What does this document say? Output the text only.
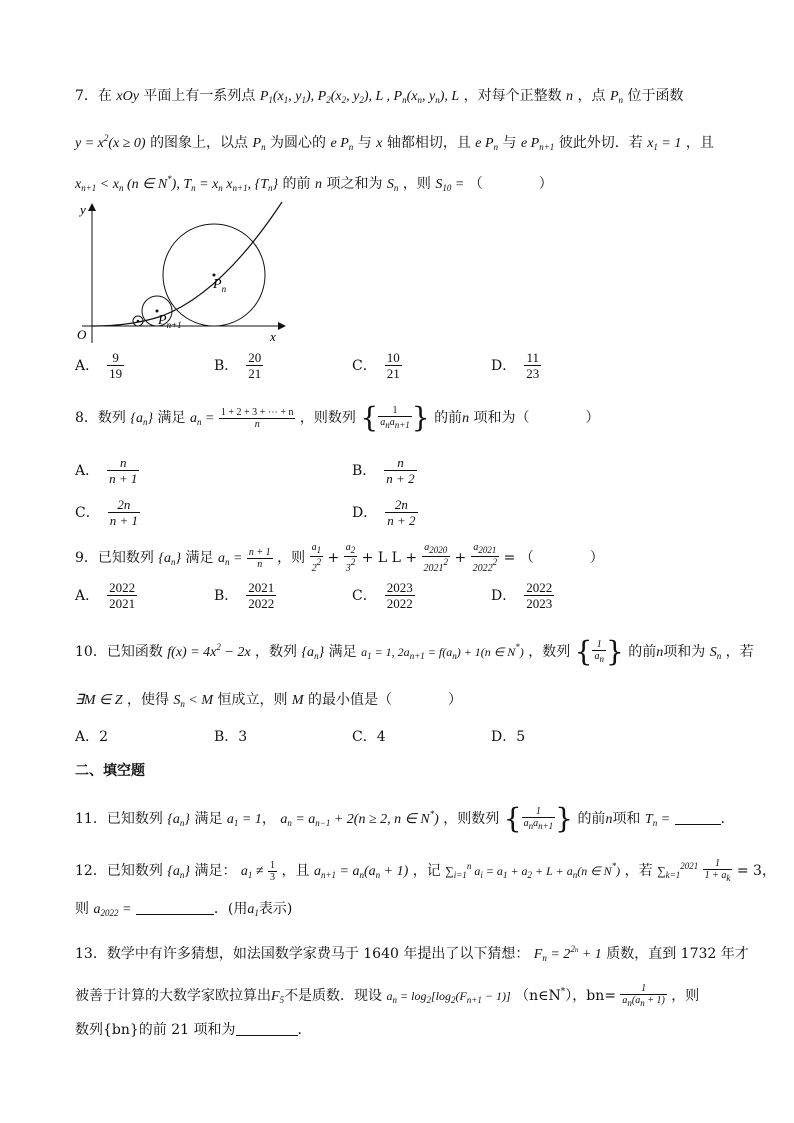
7．在 xOy 平面上有一系列点 $P_1(x_1$, $y_1$), $P_2(x_2$, $y_2$), L , $P_n(x_n$, $y_n$), L ，对每个正整数 n ，点 $P_n$ 位于函数
$y = x^2(x \ge 0)$ 的图象上，以点 $P_n$ 为圆心的 e $P_n$ 与 x 轴都相切，且 e $P_n$ 与 e $P_{n+1}$ 彼此外切．若 $x_1 = 1$ ，且
$x_{n+1} < x_n$ (n ∈ N*), $T_n = x_n$ $x_{n+1}$, $\{T_n\}$ 的前 n 项之和为 $S_n$ ，则 $S_{10}$ = （　　　　）
$P_n$
$P_{n+1}$
O	x
y
A． $\frac{9}{19}$	B． $\frac{20}{21}$	C． $\frac{10}{21}$	D． $\frac{11}{23}$
8．数列 $\{a_n\}$ 满足 $a_n = \frac{1 + 2 + 3 + \cdots + n}{n}$ ，则数列 { $\frac{1}{\text{anan+1}}$ } 的前n 项和为（　　　　）
A． $\frac{n}{n + 1}$	B． $\frac{n}{n + 2}$
C． $\frac{2n}{n + 1}$	D． $\frac{2n}{n + 2}$
9．已知数列 $\{a_n\}$ 满足 $a_n = \frac{n + 1}{n}$ ，则 $\frac{a1}{22} + \frac{a2}{32} + L$ $L + \frac{a2020}{20212} + \frac{a2021}{20222}$ = （　　　　）
A． $\frac{2022}{2021}$	B． $\frac{2021}{2022}$	C． $\frac{2023}{2022}$	D． $\frac{2022}{2023}$
10．已知函数 $f(x) = 4x^2 - 2x$ ，数列 $\{a_n\}$ 满足 $a_1 = 1$, $2a_{n+1} = f(a_n) + 1(n$ ∈ N*) ，数列 { $\frac{1}{an}$ } 的前n项和为 $S_n$ ，若
∃M ∈ Z ，使得 $S_n < M$ 恒成立，则 M 的最小值是（　　　　）
A．2	B．3	C．4	D．5
二、填空题
11．已知数列 $\{a_n\}$ 满足 $a_1 = 1$， $a_n = a_{n-1} + 2(n \ge 2$, n ∈ N*) ，则数列 { $\frac{1}{\text{anan+1}}$ } 的前n项和 $T_n$ =	．
12．已知数列 $\{a_n\}$ 满足： $a_1 \ne \frac{1}{3}$ ，且 $a_{n+1} = a_n(a_n + 1)$ ，记 $\sum_{i=1}^n$ $a_i = a_1 + a_2 + L + a_n(n$ ∈ N*) ，若 $\sum_{k=1}^{2021} \frac{1}{1 + ak} = 3$，
则 $a_{2022}$ =	．(用$a_1$表示)
13．数学中有许多猜想，如法国数学家费马于 1640 年提出了以下猜想： $F_n = 2^{2n} + 1$ 质数，直到 1732 年才
被善于计算的大数学家欧拉算出$F_5$不是质数．现设 $a_n = \log_2[\log_2(F_{n+1} - 1)]$ （n∈N*），$bn= \frac{1}{an(an + 1)}$ ，则
数列{bn}的前 21 项和为	．
